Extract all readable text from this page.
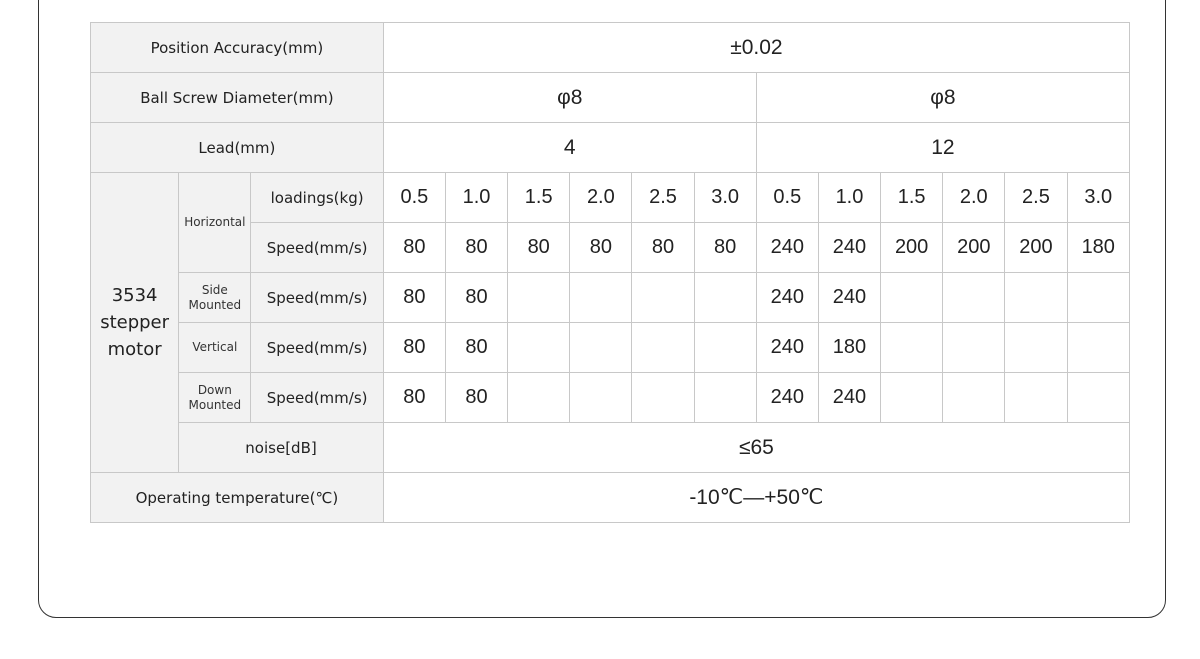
Position Accuracy(mm)			±0.02											
Ball Screw Diameter(mm)			φ8						φ8					
Lead(mm)			4						12					
3534 stepper motor	Horizontal	loadings(kg)	0.5	1.0	1.5	2.0	2.5	3.0	0.5	1.0	1.5	2.0	2.5	3.0
		Speed(mm/s)	80	80	80	80	80	80	240	240	200	200	200	180
	Side Mounted	Speed(mm/s)	80	80					240	240				
	Vertical	Speed(mm/s)	80	80					240	180				
	Down Mounted	Speed(mm/s)	80	80					240	240				
	noise[dB]		≤65											
Operating temperature(℃)			-10℃—+50℃											
